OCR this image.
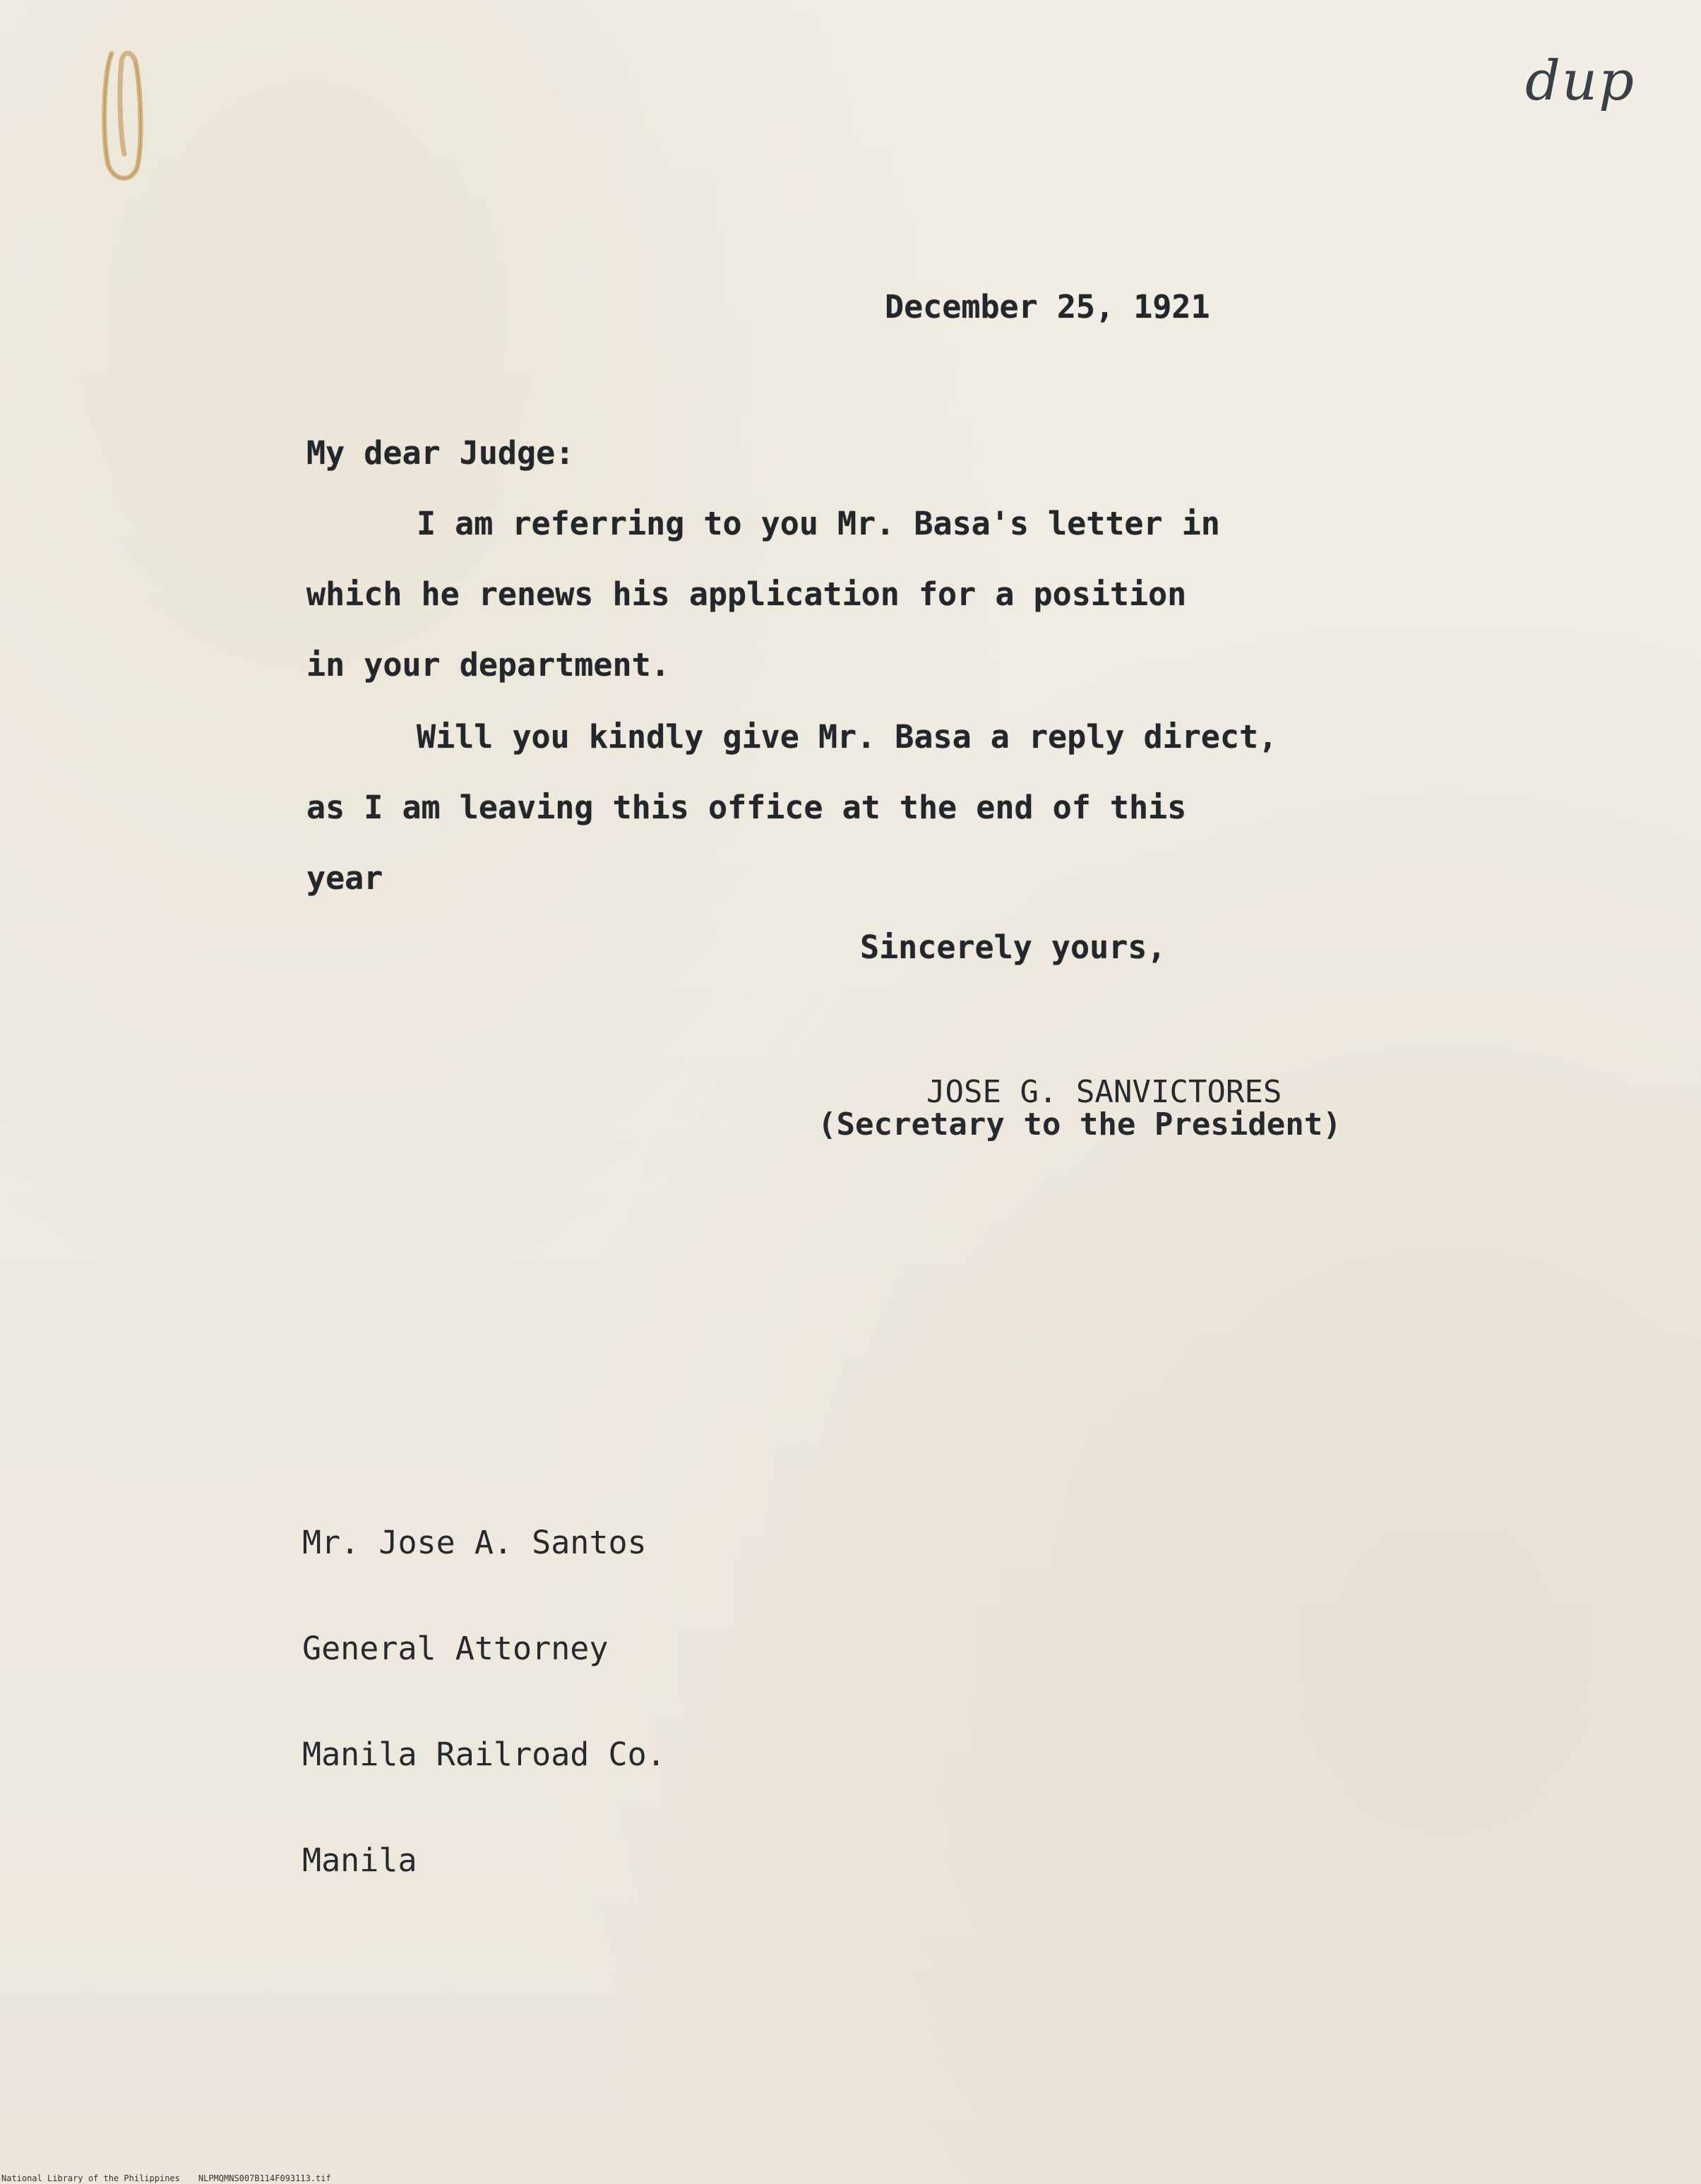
dup
December 25, 1921
My dear Judge:
I am referring to you Mr. Basa's letter in
which he renews his application for a position
in your department.
Will you kindly give Mr. Basa a reply direct,
as I am leaving this office at the end of this
year
Sincerely yours,
JOSE G. SANVICTORES
(Secretary to the President)

Mr. Jose A. Santos

General Attorney

Manila Railroad Co.

Manila

National Library of the Philippines NLPMQMNS007B114F093113.tif
